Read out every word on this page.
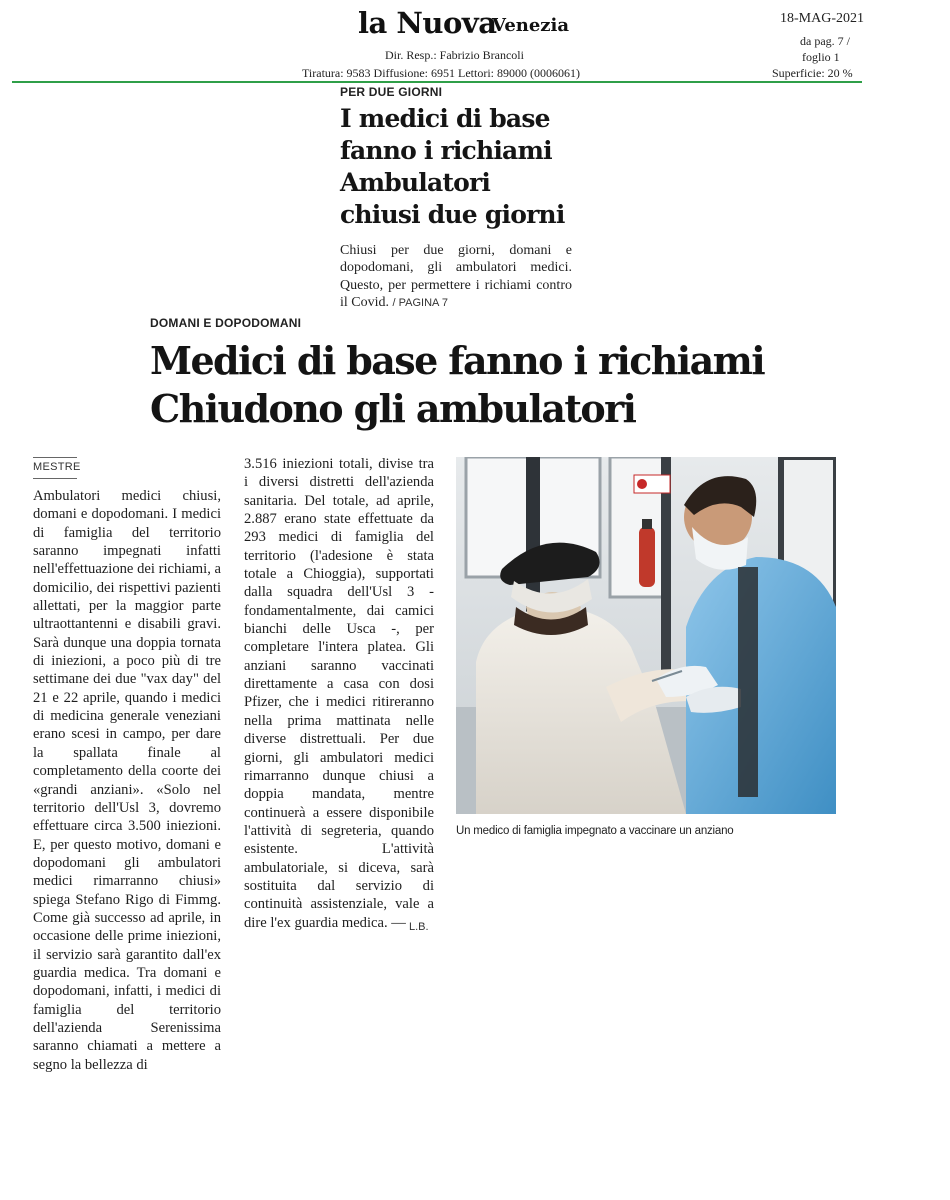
la Nuova
Venezia
Dir. Resp.: Fabrizio Brancoli
Tiratura: 9583 Diffusione: 6951 Lettori: 89000 (0006061)
18-MAG-2021
da pag. 7 /
foglio 1
Superficie: 20 %
PER DUE GIORNI
I medici di base
fanno i richiami
Ambulatori
chiusi due giorni
Chiusi per due giorni, domani e dopodomani, gli ambulatori medici. Questo, per permettere i richiami contro il Covid. / PAGINA 7
DOMANI E DOPODOMANI
Medici di base fanno i richiami
Chiudono gli ambulatori
MESTRE
Ambulatori medici chiusi, domani e dopodomani. I medici di famiglia del territorio saranno impegnati infatti nell'effettuazione dei richiami, a domicilio, dei rispettivi pazienti allettati, per la maggior parte ultraottantenni e disabili gravi. Sarà dunque una doppia tornata di iniezioni, a poco più di tre settimane dei due "vax day" del 21 e 22 aprile, quando i medici di medicina generale veneziani erano scesi in campo, per dare la spallata finale al completamento della coorte dei «grandi anziani». «Solo nel territorio dell'Usl 3, dovremo effettuare circa 3.500 iniezioni. E, per questo motivo, domani e dopodomani gli ambulatori medici rimarranno chiusi» spiega Stefano Rigo di Fimmg. Come già successo ad aprile, in occasione delle prime iniezioni, il servizio sarà garantito dall'ex guardia medica. Tra domani e dopodomani, infatti, i medici di famiglia del territorio dell'azienda Serenissima saranno chiamati a mettere a segno la bellezza di
3.516 iniezioni totali, divise tra i diversi distretti dell'azienda sanitaria. Del totale, ad aprile, 2.887 erano state effettuate da 293 medici di famiglia del territorio (l'adesione è stata totale a Chioggia), supportati dalla squadra dell'Usl 3 - fondamentalmente, dai camici bianchi delle Usca -, per completare l'intera platea. Gli anziani saranno vaccinati direttamente a casa con dosi Pfizer, che i medici ritireranno nella prima mattinata nelle diverse distrettuali. Per due giorni, gli ambulatori medici rimarranno dunque chiusi a doppia mandata, mentre continuerà a essere disponibile l'attività di segreteria, quando esistente. L'attività ambulatoriale, si diceva, sarà sostituita dal servizio di continuità assistenziale, vale a dire l'ex guardia medica. — L.B.
Un medico di famiglia impegnato a vaccinare un anziano
